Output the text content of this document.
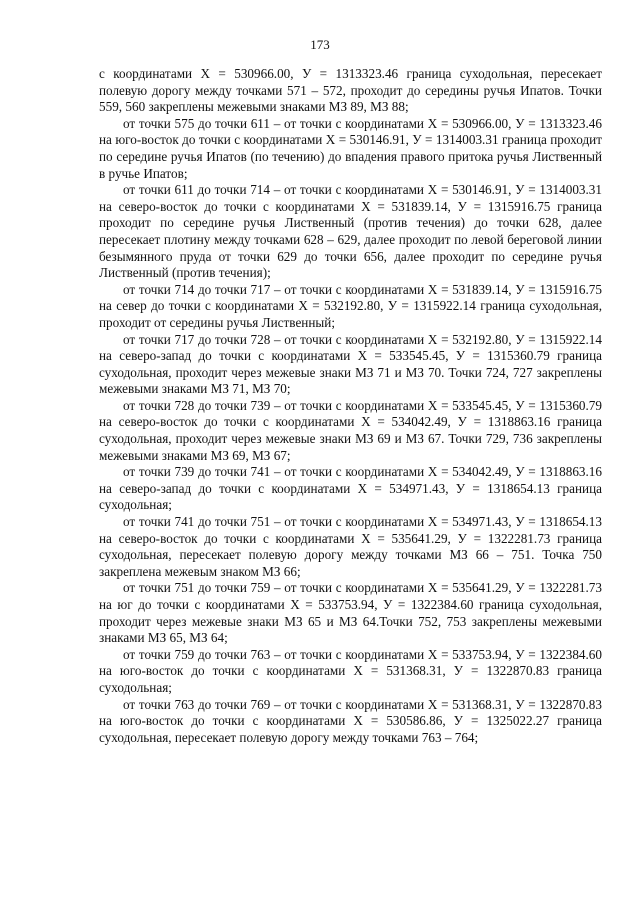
173

с координатами Х = 530966.00, У = 1313323.46 граница суходольная, пересекает полевую дорогу между точками 571 – 572, проходит до середины ручья Ипатов. Точки 559, 560 закреплены межевыми знаками МЗ 89, МЗ 88;

от точки 575 до точки 611 – от точки с координатами Х = 530966.00, У = 1313323.46 на юго-восток до точки с координатами Х = 530146.91, У = 1314003.31 граница проходит по середине ручья Ипатов (по течению) до впадения правого притока ручья Лиственный в ручье Ипатов;

от точки 611 до точки 714 – от точки с координатами Х = 530146.91, У = 1314003.31 на северо-восток до точки с координатами Х = 531839.14, У = 1315916.75 граница проходит по середине ручья Лиственный (против течения) до точки 628, далее пересекает плотину между точками 628 – 629, далее проходит по левой береговой линии безымянного пруда от точки 629 до точки 656, далее проходит по середине ручья Лиственный (против течения);

от точки 714 до точки 717 – от точки с координатами Х = 531839.14, У = 1315916.75 на север до точки с координатами Х = 532192.80, У = 1315922.14 граница суходольная, проходит от середины ручья Лиственный;

от точки 717 до точки 728 – от точки с координатами Х = 532192.80, У = 1315922.14 на северо-запад до точки с координатами Х = 533545.45, У = 1315360.79 граница суходольная, проходит через межевые знаки МЗ 71 и МЗ 70. Точки 724, 727 закреплены межевыми знаками МЗ 71, МЗ 70;

от точки 728 до точки 739 – от точки с координатами Х = 533545.45, У = 1315360.79 на северо-восток до точки с координатами Х = 534042.49, У = 1318863.16 граница суходольная, проходит через межевые знаки МЗ 69 и МЗ 67. Точки 729, 736 закреплены межевыми знаками МЗ 69, МЗ 67;

от точки 739 до точки 741 – от точки с координатами Х = 534042.49, У = 1318863.16 на северо-запад до точки с координатами Х = 534971.43, У = 1318654.13 граница суходольная;

от точки 741 до точки 751 – от точки с координатами Х = 534971.43, У = 1318654.13 на северо-восток до точки с координатами Х = 535641.29, У = 1322281.73 граница суходольная, пересекает полевую дорогу между точками МЗ 66 – 751. Точка 750 закреплена межевым знаком МЗ 66;

от точки 751 до точки 759 – от точки с координатами Х = 535641.29, У = 1322281.73 на юг до точки с координатами Х = 533753.94, У = 1322384.60 граница суходольная, проходит через межевые знаки МЗ 65 и МЗ 64.Точки 752, 753 закреплены межевыми знаками МЗ 65, МЗ 64;

от точки 759 до точки 763 – от точки с координатами Х = 533753.94, У = 1322384.60 на юго-восток до точки с координатами Х = 531368.31, У = 1322870.83 граница суходольная;

от точки 763 до точки 769 – от точки с координатами Х = 531368.31, У = 1322870.83 на юго-восток до точки с координатами Х = 530586.86, У = 1325022.27 граница суходольная, пересекает полевую дорогу между точками 763 – 764;
